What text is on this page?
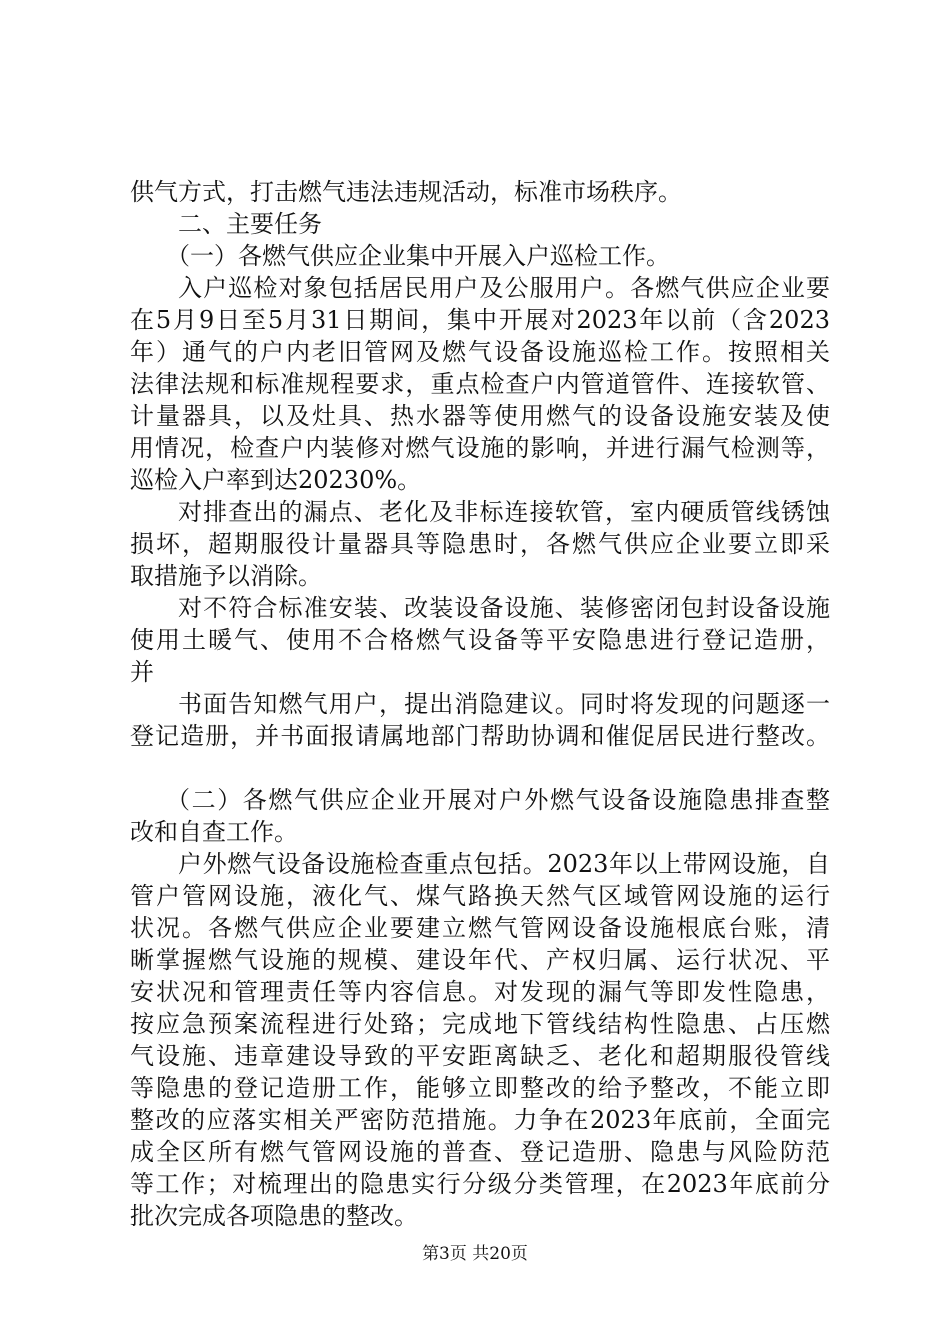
供气方式，打击燃气违法违规活动，标准市场秩序。
二、主要任务
（一）各燃气供应企业集中开展入户巡检工作。
入户巡检对象包括居民用户及公服用户。各燃气供应企业要
在5月9日至5月31日期间，集中开展对2023年以前（含2023
年）通气的户内老旧管网及燃气设备设施巡检工作。按照相关
法律法规和标准规程要求，重点检查户内管道管件、连接软管、
计量器具，以及灶具、热水器等使用燃气的设备设施安装及使
用情况，检查户内装修对燃气设施的影响，并进行漏气检测等，
巡检入户率到达20230%。
对排查出的漏点、老化及非标连接软管，室内硬质管线锈蚀
损坏，超期服役计量器具等隐患时，各燃气供应企业要立即采
取措施予以消除。
对不符合标准安装、改装设备设施、装修密闭包封设备设施
使用土暖气、使用不合格燃气设备等平安隐患进行登记造册，
并
书面告知燃气用户，提出消隐建议。同时将发现的问题逐一
登记造册，并书面报请属地部门帮助协调和催促居民进行整改。
（二）各燃气供应企业开展对户外燃气设备设施隐患排查整
改和自查工作。
户外燃气设备设施检查重点包括。2023年以上带网设施，自
管户管网设施，液化气、煤气路换天然气区域管网设施的运行
状况。各燃气供应企业要建立燃气管网设备设施根底台账，清
晰掌握燃气设施的规模、建设年代、产权归属、运行状况、平
安状况和管理责任等内容信息。对发现的漏气等即发性隐患，
按应急预案流程进行处臵；完成地下管线结构性隐患、占压燃
气设施、违章建设导致的平安距离缺乏、老化和超期服役管线
等隐患的登记造册工作，能够立即整改的给予整改，不能立即
整改的应落实相关严密防范措施。力争在2023年底前，全面完
成全区所有燃气管网设施的普查、登记造册、隐患与风险防范
等工作；对梳理出的隐患实行分级分类管理，在2023年底前分
批次完成各项隐患的整改。
第3页 共20页
